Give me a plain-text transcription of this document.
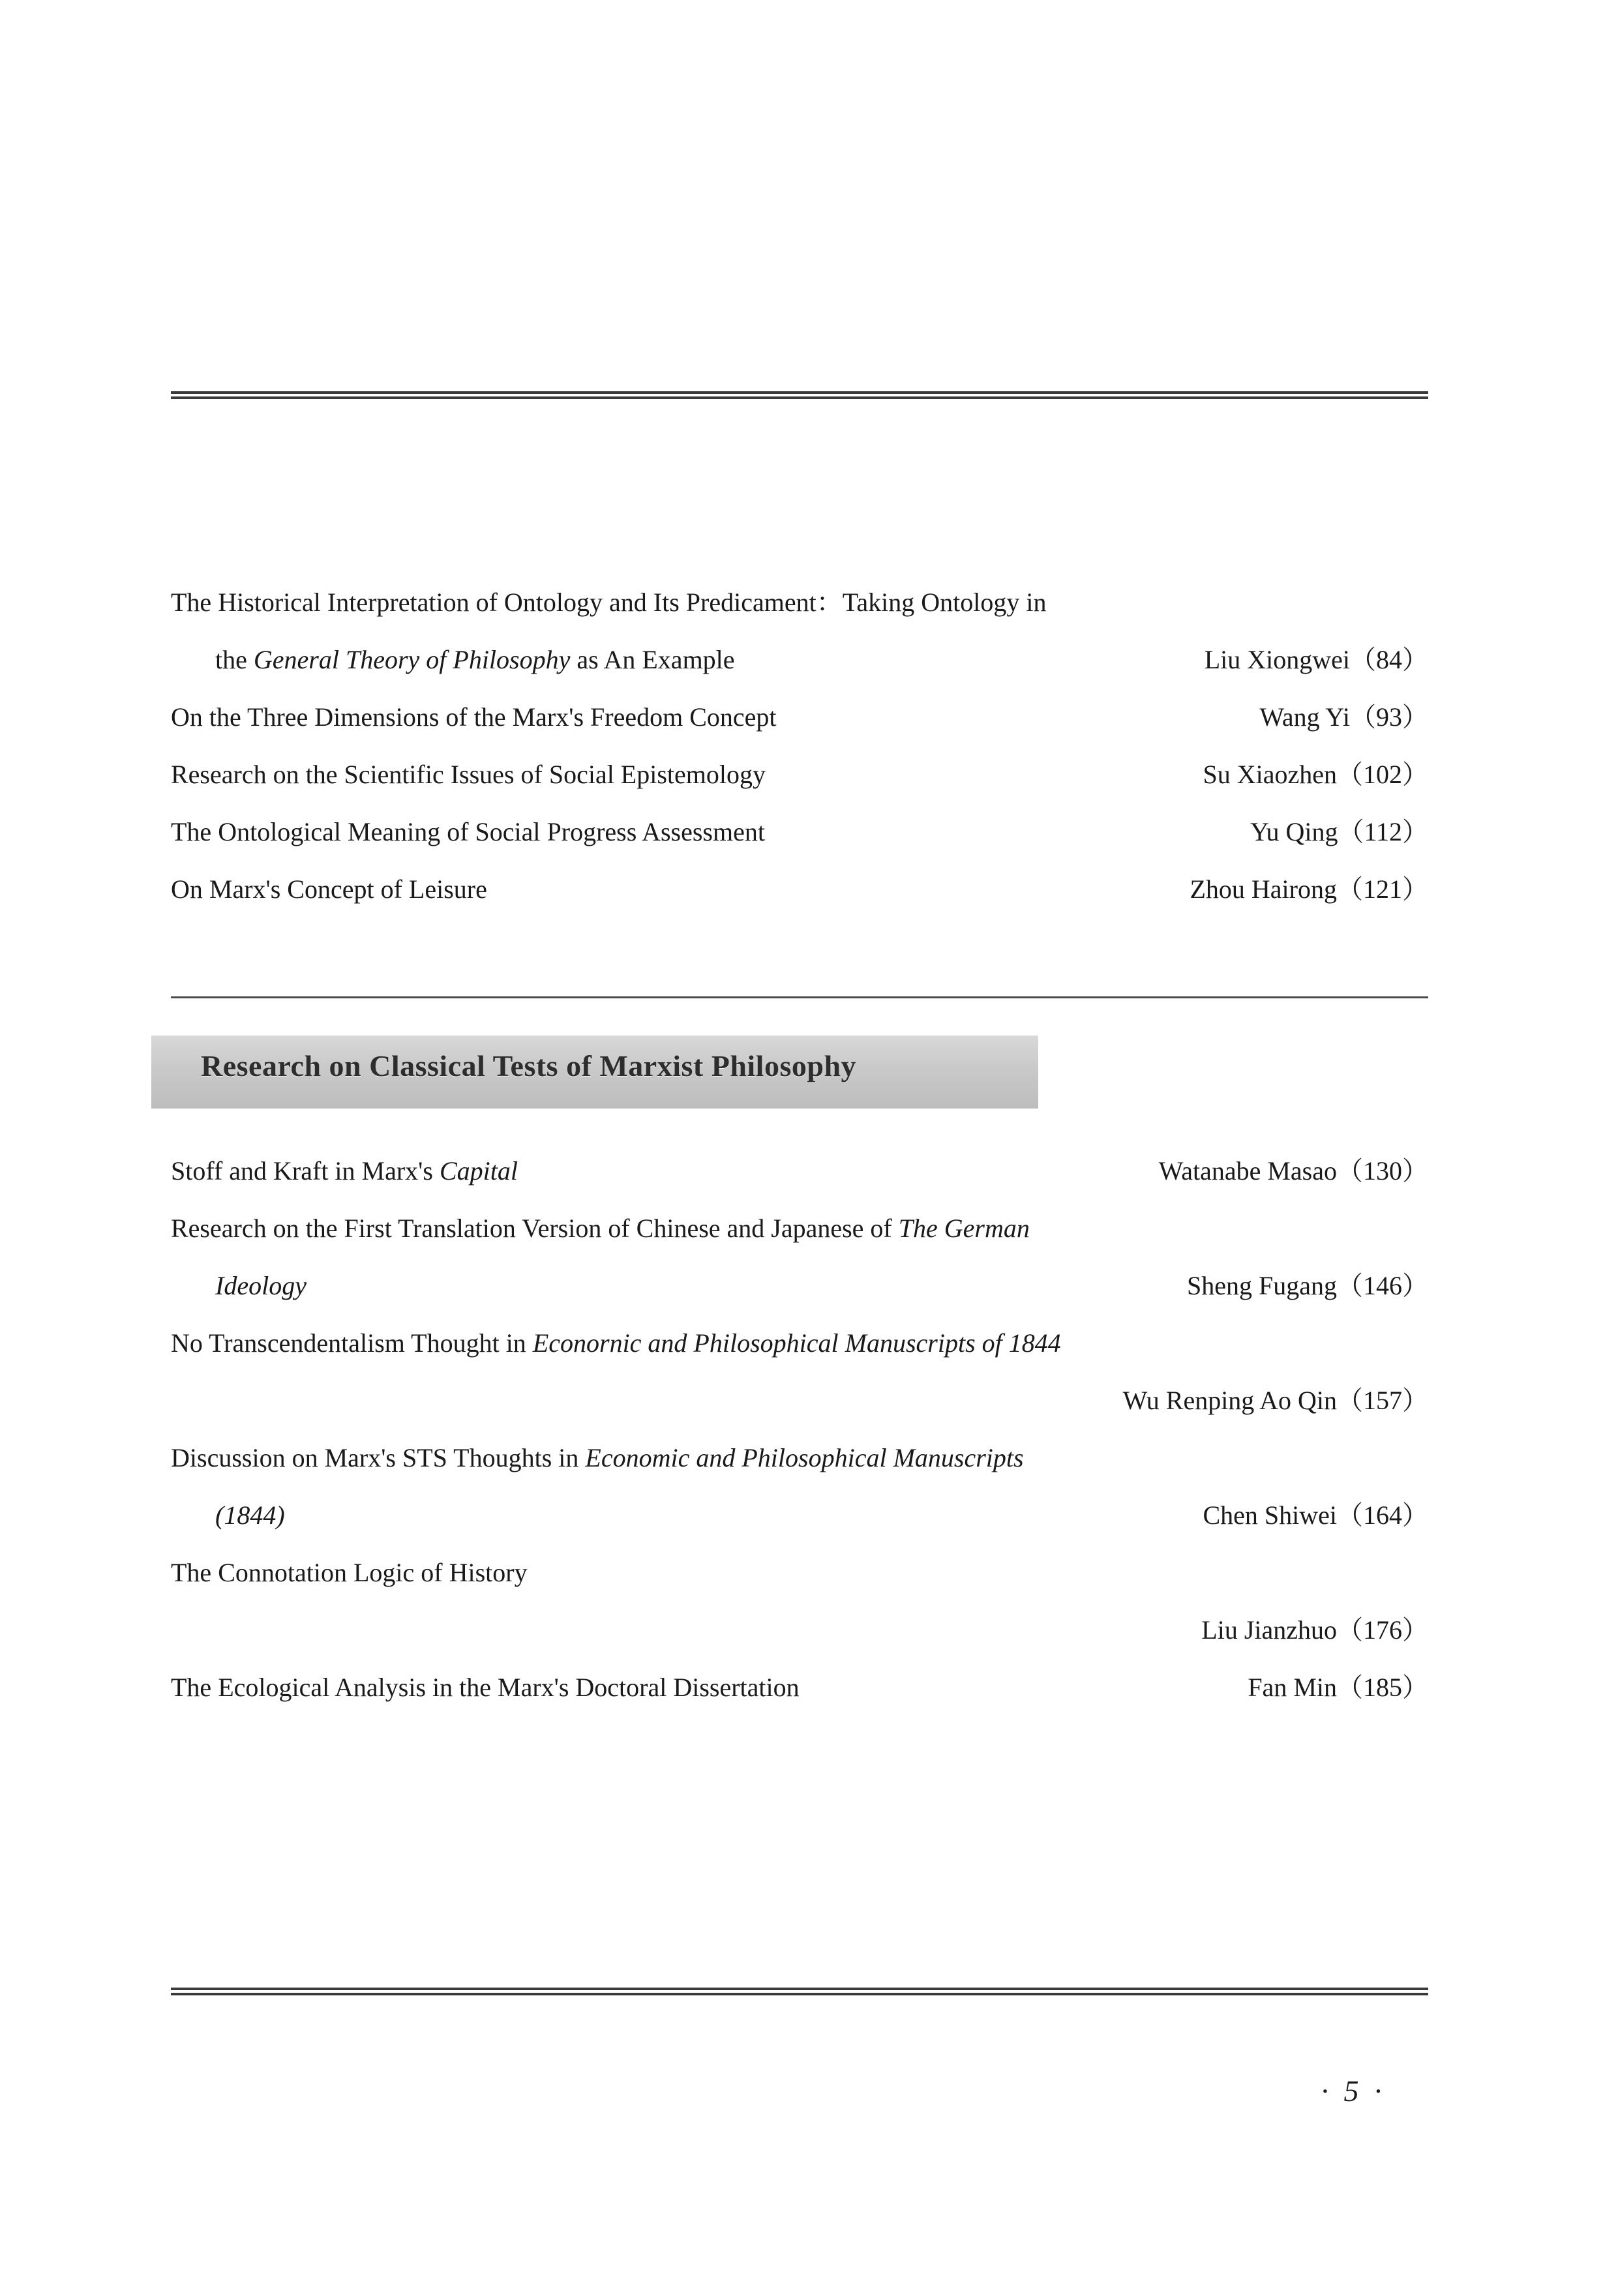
The Historical Interpretation of Ontology and Its Predicament：Taking Ontology in
the General Theory of Philosophy as An Example	Liu Xiongwei（84）
On the Three Dimensions of the Marx's Freedom Concept	Wang Yi（93）
Research on the Scientific Issues of Social Epistemology	Su Xiaozhen（102）
The Ontological Meaning of Social Progress Assessment	Yu Qing（112）
On Marx's Concept of Leisure	Zhou Hairong（121）
Research on Classical Tests of Marxist Philosophy
Stoff and Kraft in Marx's Capital	Watanabe Masao（130）
Research on the First Translation Version of Chinese and Japanese of The German
Ideology	Sheng Fugang（146）
No Transcendentalism Thought in Econornic and Philosophical Manuscripts of 1844
Wu Renping Ao Qin（157）
Discussion on Marx's STS Thoughts in Economic and Philosophical Manuscripts
(1844)	Chen Shiwei（164）
The Connotation Logic of History
Liu Jianzhuo（176）
The Ecological Analysis in the Marx's Doctoral Dissertation	Fan Min（185）
· 5 ·
